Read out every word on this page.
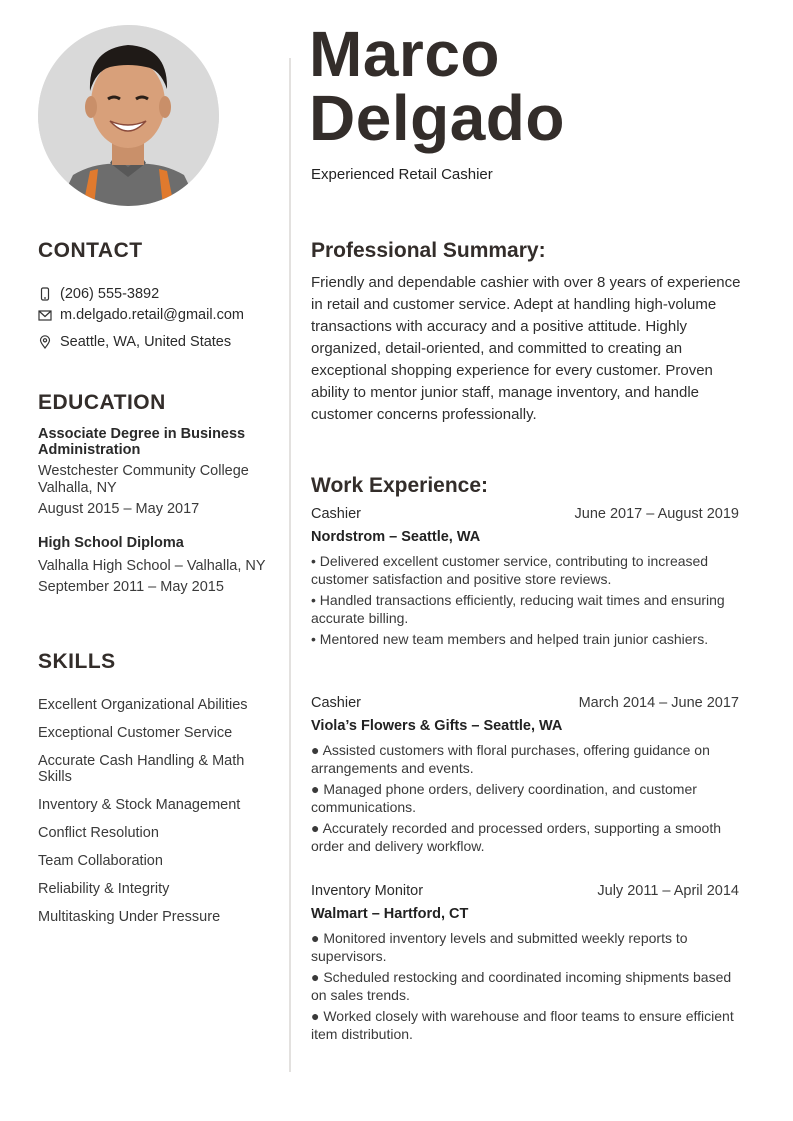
Marco
Delgado
Experienced Retail Cashier
CONTACT
(206) 555-3892
m.delgado.retail@gmail.com
Seattle, WA, United States
EDUCATION
Associate Degree in Business Administration
Westchester Community College
Valhalla, NY
August 2015 – May 2017
High School Diploma
Valhalla High School – Valhalla, NY
September 2011 – May 2015
SKILLS
Excellent Organizational Abilities
Exceptional Customer Service
Accurate Cash Handling & Math Skills
Inventory & Stock Management
Conflict Resolution
Team Collaboration
Reliability & Integrity
Multitasking Under Pressure
Professional Summary:

Friendly and dependable cashier with over 8 years of experience in retail and customer service. Adept at handling high-volume transactions with accuracy and a positive attitude. Highly organized, detail-oriented, and committed to creating an exceptional shopping experience for every customer. Proven ability to mentor junior staff, manage inventory, and handle customer concerns professionally.

Work Experience:
Cashier	June 2017 – August 2019
Nordstrom – Seattle, WA
• Delivered excellent customer service, contributing to increased customer satisfaction and positive store reviews.
• Handled transactions efficiently, reducing wait times and ensuring accurate billing.
• Mentored new team members and helped train junior cashiers.
Cashier	March 2014 – June 2017
Viola’s Flowers & Gifts – Seattle, WA
● Assisted customers with floral purchases, offering guidance on arrangements and events.
● Managed phone orders, delivery coordination, and customer communications.
● Accurately recorded and processed orders, supporting a smooth order and delivery workflow.
Inventory Monitor	July 2011 – April 2014
Walmart – Hartford, CT
● Monitored inventory levels and submitted weekly reports to supervisors.
● Scheduled restocking and coordinated incoming shipments based on sales trends.
● Worked closely with warehouse and floor teams to ensure efficient item distribution.
